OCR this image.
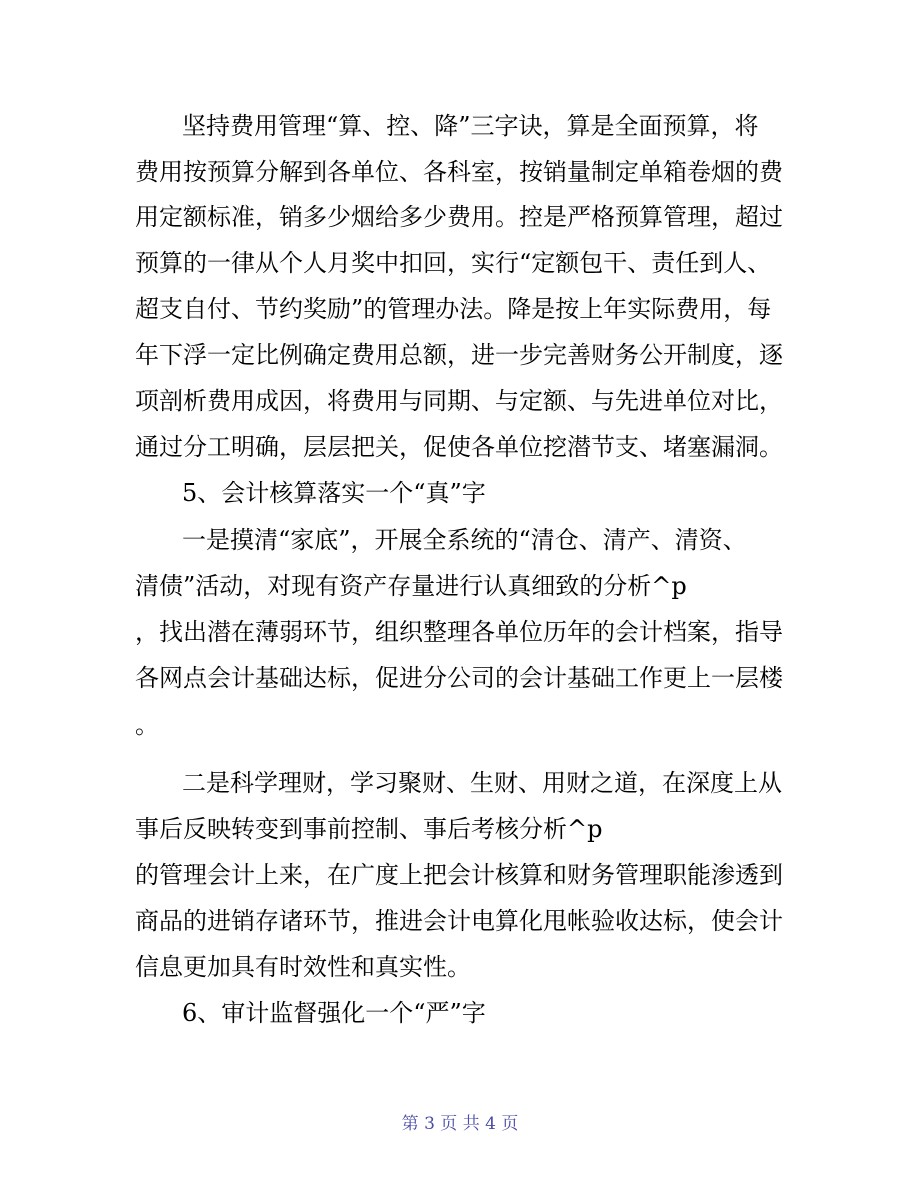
坚持费用管理“算、控、降”三字诀，算是全面预算，将
费用按预算分解到各单位、各科室，按销量制定单箱卷烟的费
用定额标准，销多少烟给多少费用。控是严格预算管理，超过
预算的一律从个人月奖中扣回，实行“定额包干、责任到人、
超支自付、节约奖励”的管理办法。降是按上年实际费用，每
年下浮一定比例确定费用总额，进一步完善财务公开制度，逐
项剖析费用成因，将费用与同期、与定额、与先进单位对比，
通过分工明确，层层把关，促使各单位挖潜节支、堵塞漏洞。
5、会计核算落实一个“真”字
一是摸清“家底”，开展全系统的“清仓、清产、清资、
清债”活动，对现有资产存量进行认真细致的分析^p
，找出潜在薄弱环节，组织整理各单位历年的会计档案，指导
各网点会计基础达标，促进分公司的会计基础工作更上一层楼
。
二是科学理财，学习聚财、生财、用财之道，在深度上从
事后反映转变到事前控制、事后考核分析^p
的管理会计上来，在广度上把会计核算和财务管理职能渗透到
商品的进销存诸环节，推进会计电算化甩帐验收达标，使会计
信息更加具有时效性和真实性。
6、审计监督强化一个“严”字
第 3 页 共 4 页
